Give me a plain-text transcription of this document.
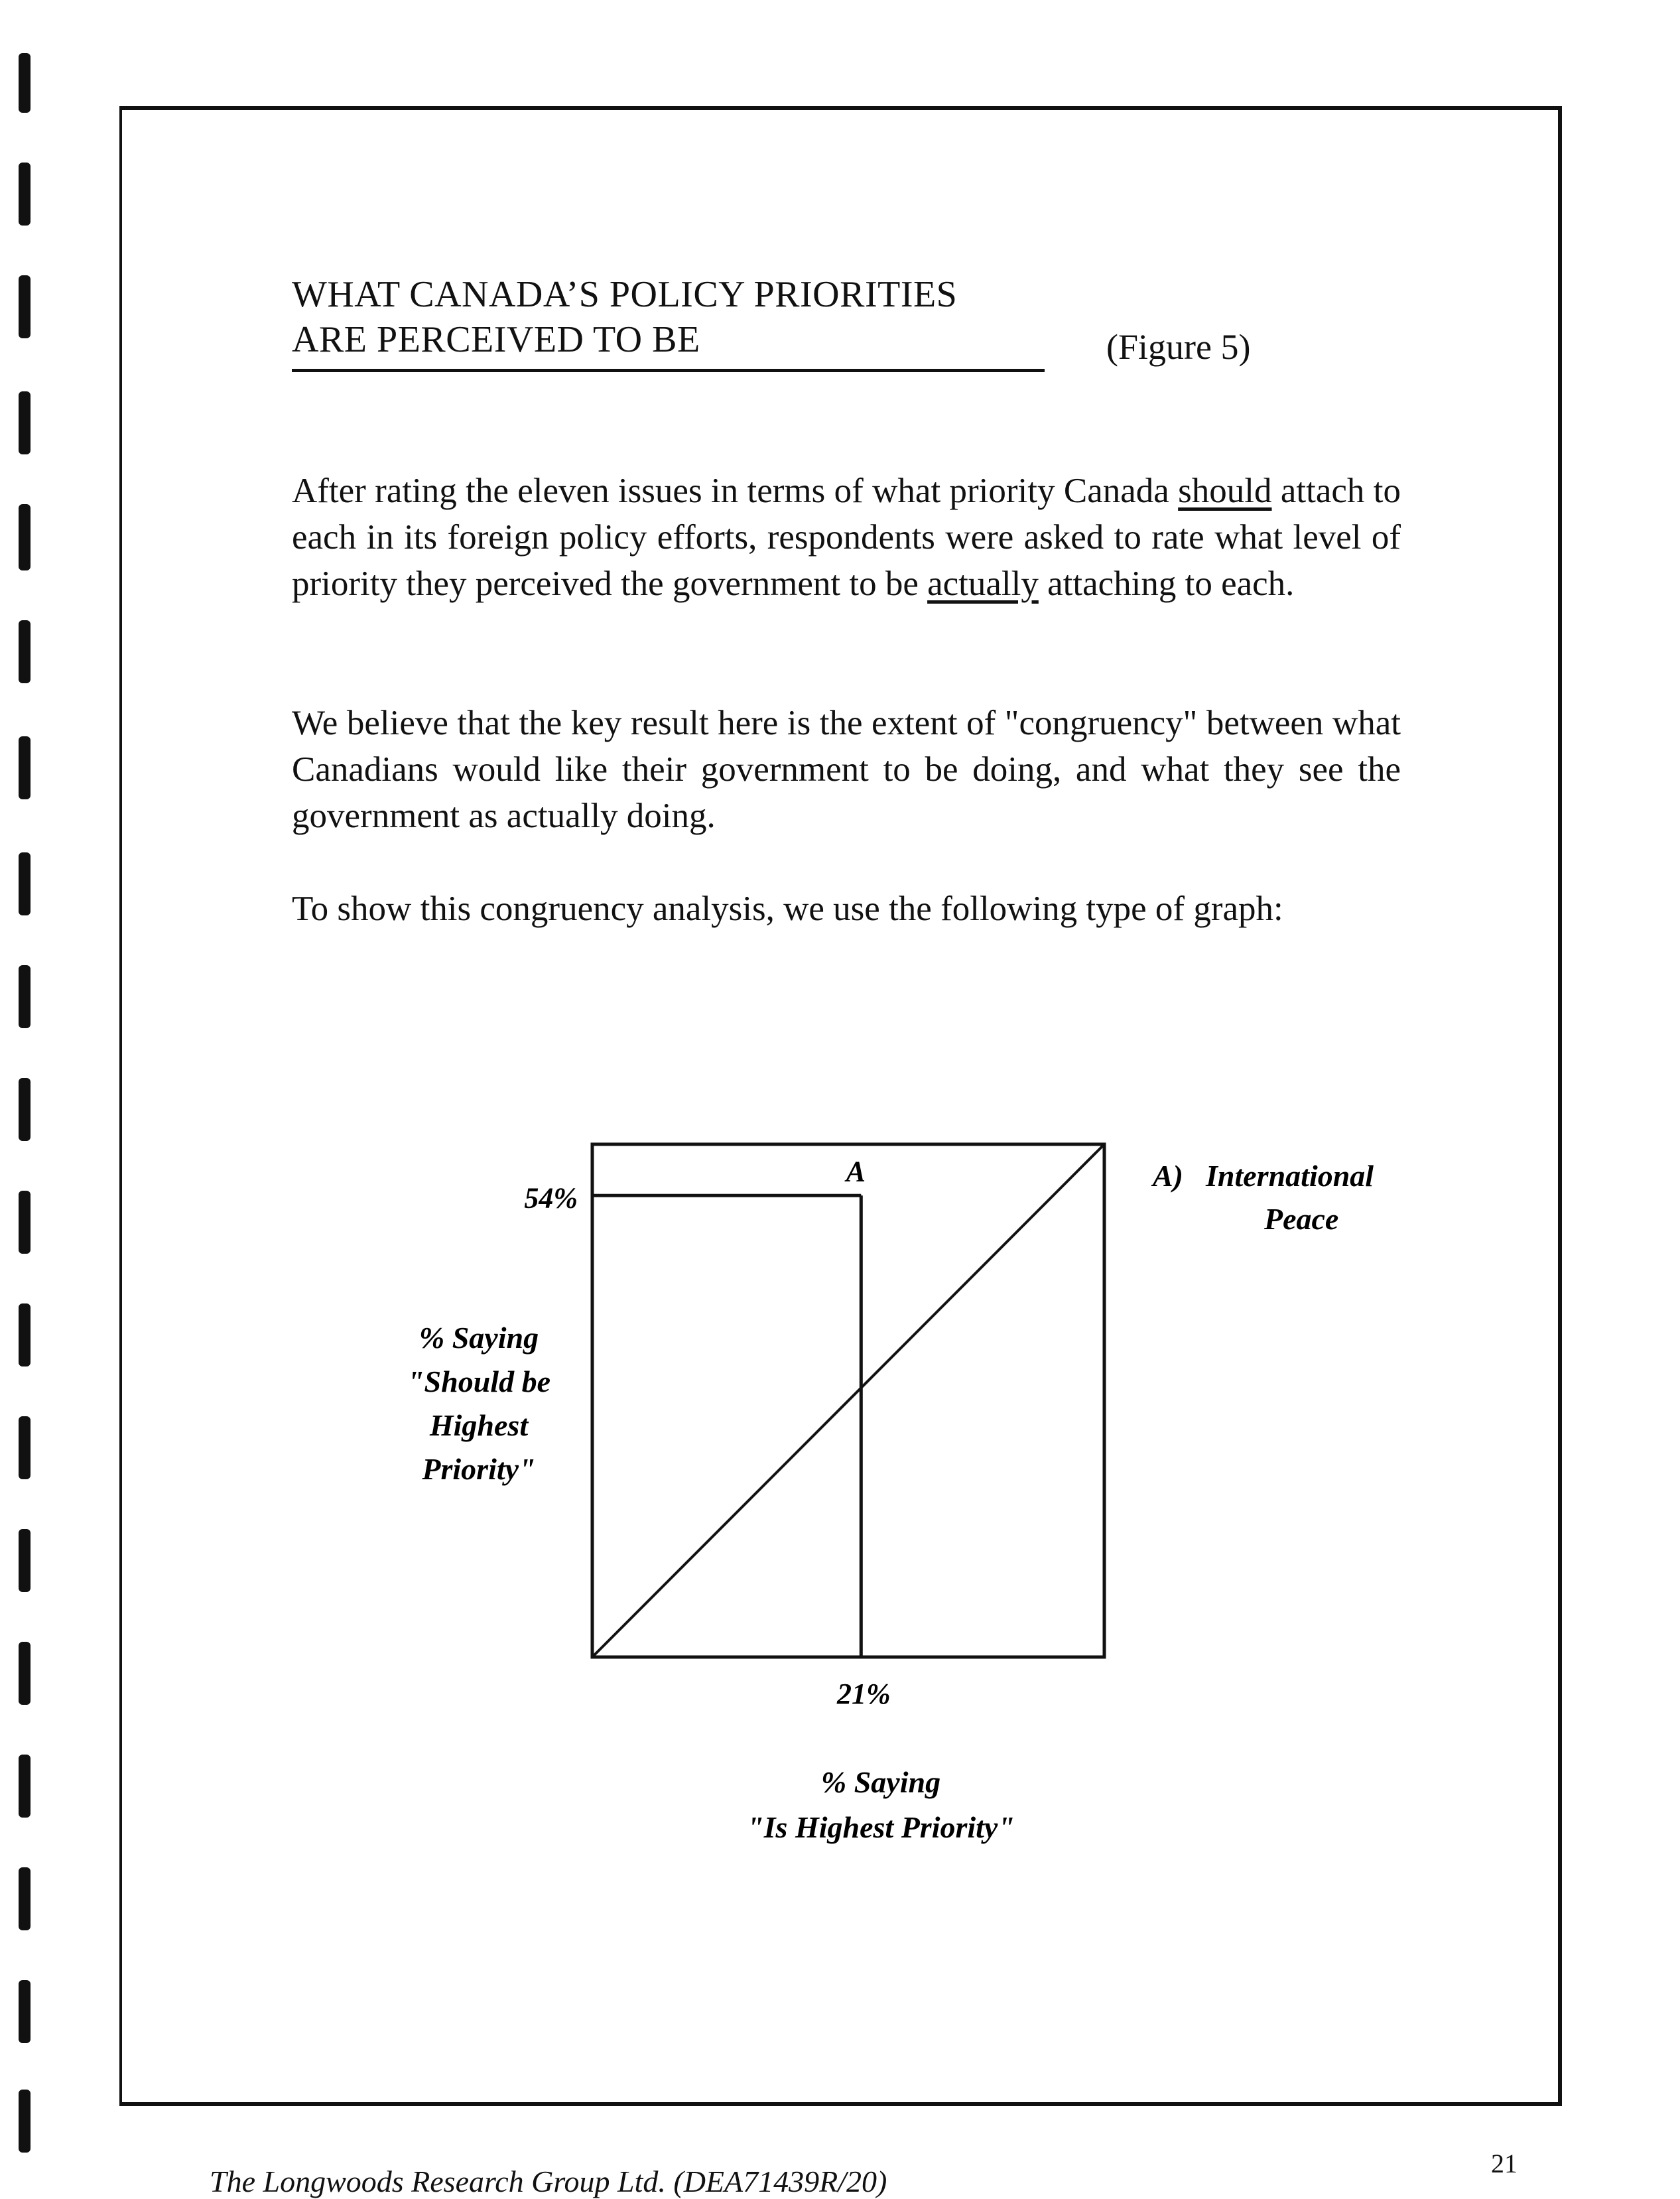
WHAT CANADA’S POLICY PRIORITIES
ARE PERCEIVED TO BE	(Figure 5)
After rating the eleven issues in terms of what priority Canada should attach to each in its foreign policy efforts, respondents were asked to rate what level of priority they perceived the government to be actually attaching to each.
We believe that the key result here is the extent of "congruency" between what Canadians would like their government to be doing, and what they see the government as actually doing.
To show this congruency analysis, we use the following type of graph:
A
54%
21%
% Saying
"Should be
Highest
Priority"
% Saying
"Is Highest Priority"
A) International
Peace
The Longwoods Research Group Ltd. (DEA71439R/20)
21
